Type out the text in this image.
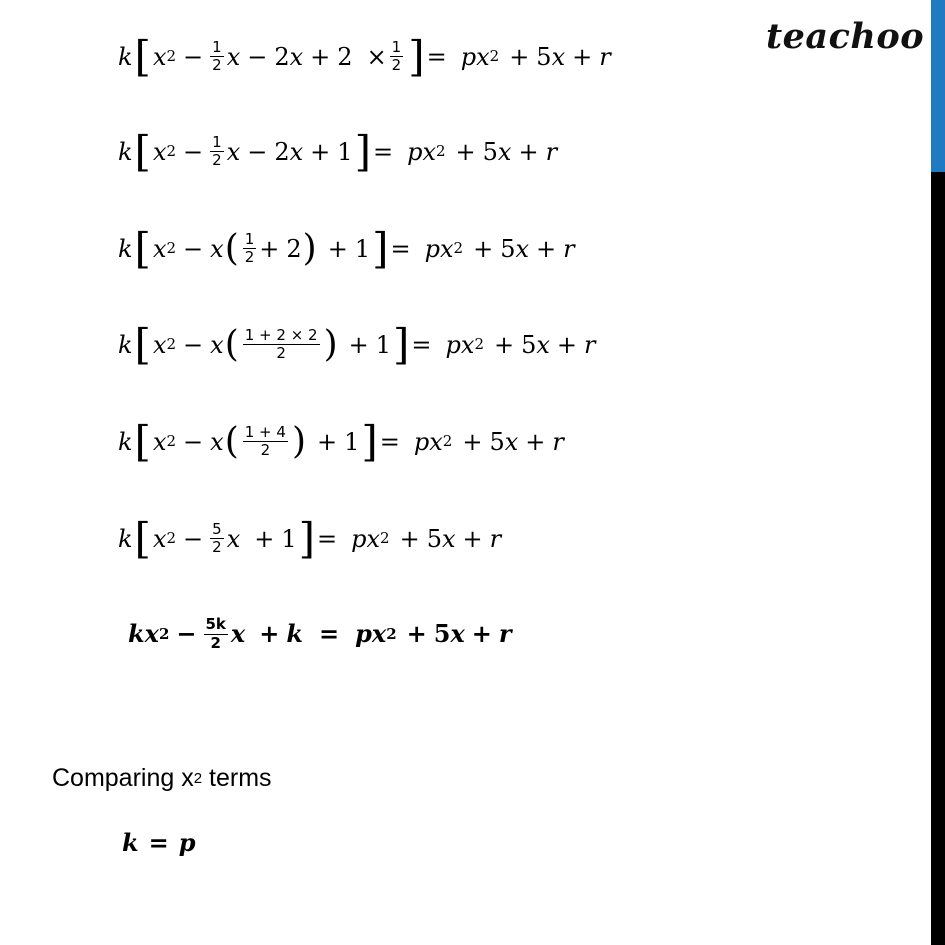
teachoo
k [ x $2 - \frac{1}{2}$ x − 2 $x + 2 \times \frac{1}{2}$ ] = p x 2 + 5 x + r
k [ x $2 - \frac{1}{2}$ x − 2 x + 1 ] = p x 2 + 5 x + r
k [ x 2 − x ( $\frac{1}{2} + 2$ ) + 1 ] = p x 2 + 5 x + r
k [ x 2 − x ( $\frac{1 + 2 \times 2}{2}$ ) + 1 ] = p x 2 + 5 x + r
k [ x 2 − x ( $\frac{1 + 4}{2}$ ) + 1 ] = p x 2 + 5 x + r
k [ x $2 - \frac{5}{2}$ x + 1 ] = p x 2 + 5 x + r
k x $2 - \frac{5k}{2}$ x + k = p x 2 + 5 x + r
Comparing x 2 terms
k = p
